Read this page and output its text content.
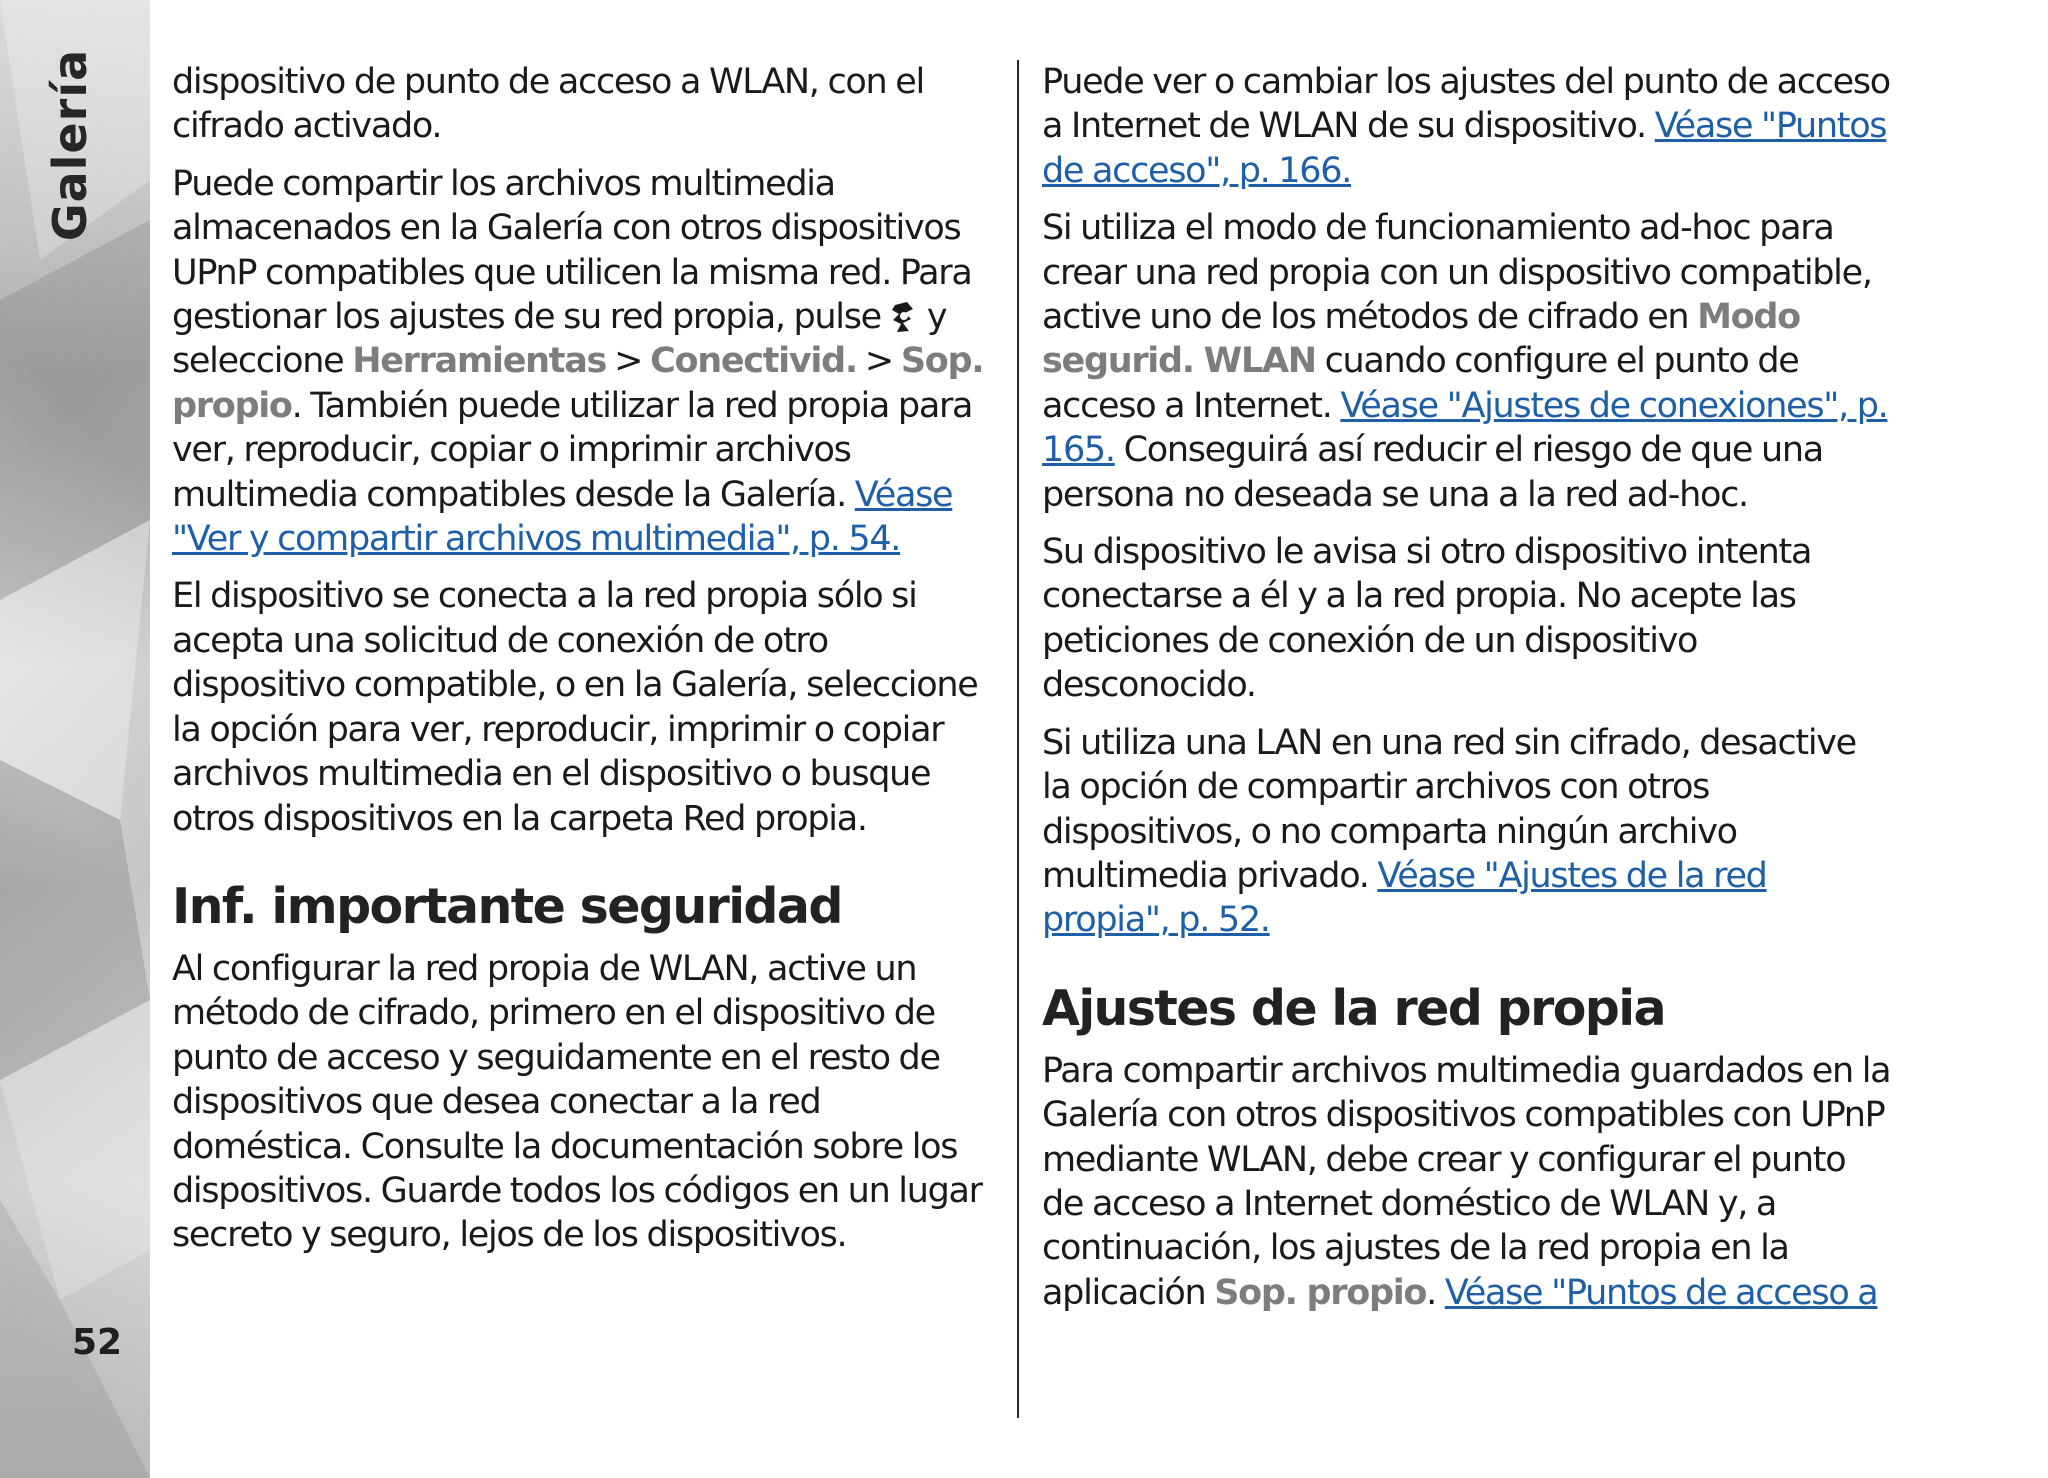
Galería
52

dispositivo de punto de acceso a WLAN, con el cifrado activado.

Puede compartir los archivos multimedia almacenados en la Galería con otros dispositivos UPnP compatibles que utilicen la misma red. Para gestionar los ajustes de su red propia, pulse y seleccione Herramientas > Conectivid. > Sop. propio. También puede utilizar la red propia para ver, reproducir, copiar o imprimir archivos multimedia compatibles desde la Galería. Véase "Ver y compartir archivos multimedia", p. 54.

El dispositivo se conecta a la red propia sólo si acepta una solicitud de conexión de otro dispositivo compatible, o en la Galería, seleccione la opción para ver, reproducir, imprimir o copiar archivos multimedia en el dispositivo o busque otros dispositivos en la carpeta Red propia.

Inf. importante seguridad

Al configurar la red propia de WLAN, active un método de cifrado, primero en el dispositivo de punto de acceso y seguidamente en el resto de dispositivos que desea conectar a la red doméstica. Consulte la documentación sobre los dispositivos. Guarde todos los códigos en un lugar secreto y seguro, lejos de los dispositivos.

Puede ver o cambiar los ajustes del punto de acceso a Internet de WLAN de su dispositivo. Véase "Puntos de acceso", p. 166.

Si utiliza el modo de funcionamiento ad-hoc para crear una red propia con un dispositivo compatible, active uno de los métodos de cifrado en Modo segurid. WLAN cuando configure el punto de acceso a Internet. Véase "Ajustes de conexiones", p. 165. Conseguirá así reducir el riesgo de que una persona no deseada se una a la red ad-hoc.

Su dispositivo le avisa si otro dispositivo intenta conectarse a él y a la red propia. No acepte las peticiones de conexión de un dispositivo desconocido.

Si utiliza una LAN en una red sin cifrado, desactive la opción de compartir archivos con otros dispositivos, o no comparta ningún archivo multimedia privado. Véase "Ajustes de la red propia", p. 52.

Ajustes de la red propia

Para compartir archivos multimedia guardados en la Galería con otros dispositivos compatibles con UPnP mediante WLAN, debe crear y configurar el punto de acceso a Internet doméstico de WLAN y, a continuación, los ajustes de la red propia en la aplicación Sop. propio. Véase "Puntos de acceso a
